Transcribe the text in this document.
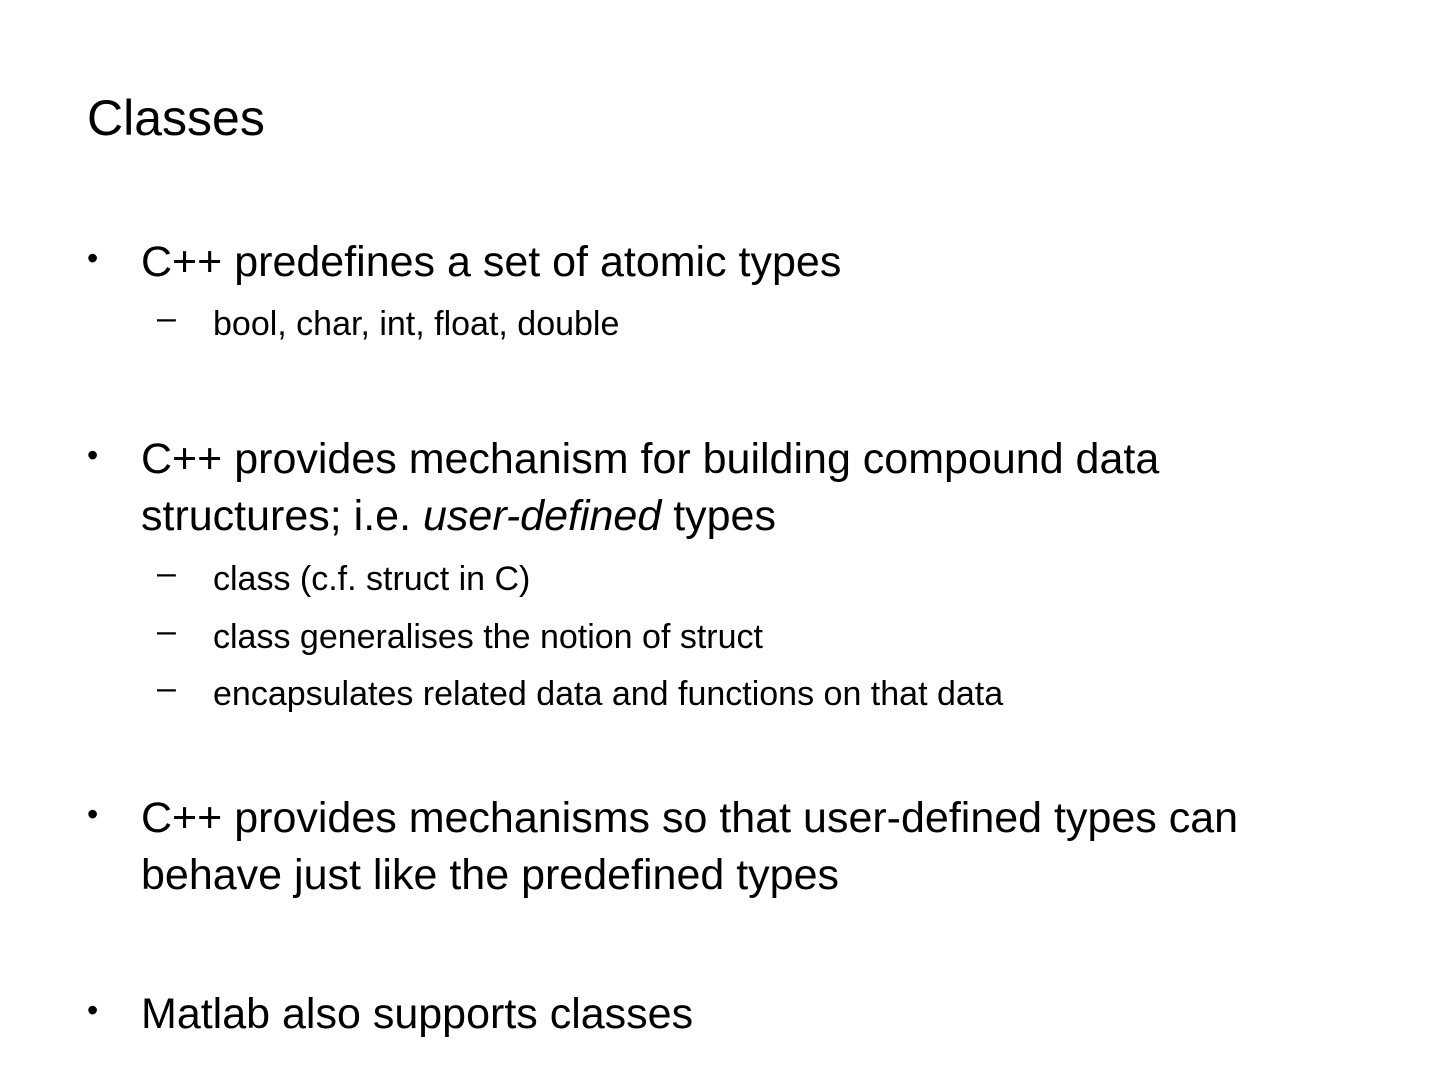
Classes
• C++ predefines a set of atomic types
– bool, char, int, float, double
• C++ provides mechanism for building compound data structures; i.e. user-defined types
– class (c.f. struct in C)
– class generalises the notion of struct
– encapsulates related data and functions on that data
• C++ provides mechanisms so that user-defined types can behave just like the predefined types
• Matlab also supports classes
